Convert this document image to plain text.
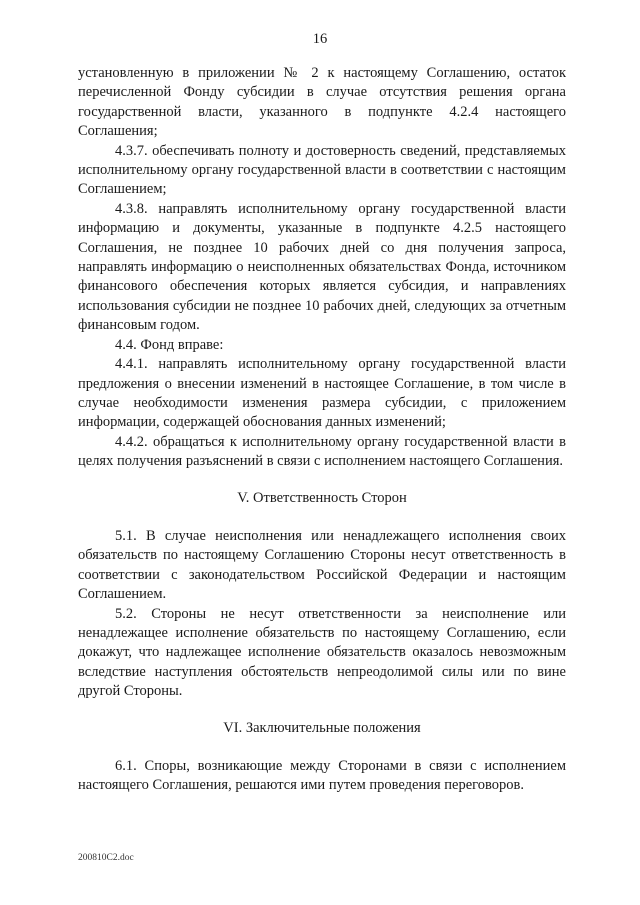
16

установленную в приложении № 2 к настоящему Соглашению, остаток перечисленной Фонду субсидии в случае отсутствия решения органа государственной власти, указанного в подпункте 4.2.4 настоящего Соглашения;

4.3.7. обеспечивать полноту и достоверность сведений, представляемых исполнительному органу государственной власти в соответствии с настоящим Соглашением;

4.3.8. направлять исполнительному органу государственной власти информацию и документы, указанные в подпункте 4.2.5 настоящего Соглашения, не позднее 10 рабочих дней со дня получения запроса, направлять информацию о неисполненных обязательствах Фонда, источником финансового обеспечения которых является субсидия, и направлениях использования субсидии не позднее 10 рабочих дней, следующих за отчетным финансовым годом.

4.4. Фонд вправе:

4.4.1. направлять исполнительному органу государственной власти предложения о внесении изменений в настоящее Соглашение, в том числе в случае необходимости изменения размера субсидии, с приложением информации, содержащей обоснования данных изменений;

4.4.2. обращаться к исполнительному органу государственной власти в целях получения разъяснений в связи с исполнением настоящего Соглашения.

V. Ответственность Сторон

5.1. В случае неисполнения или ненадлежащего исполнения своих обязательств по настоящему Соглашению Стороны несут ответственность в соответствии с законодательством Российской Федерации и настоящим Соглашением.

5.2. Стороны не несут ответственности за неисполнение или ненадлежащее исполнение обязательств по настоящему Соглашению, если докажут, что надлежащее исполнение обязательств оказалось невозможным вследствие наступления обстоятельств непреодолимой силы или по вине другой Стороны.

VI. Заключительные положения

6.1. Споры, возникающие между Сторонами в связи с исполнением настоящего Соглашения, решаются ими путем проведения переговоров.

200810С2.doc
